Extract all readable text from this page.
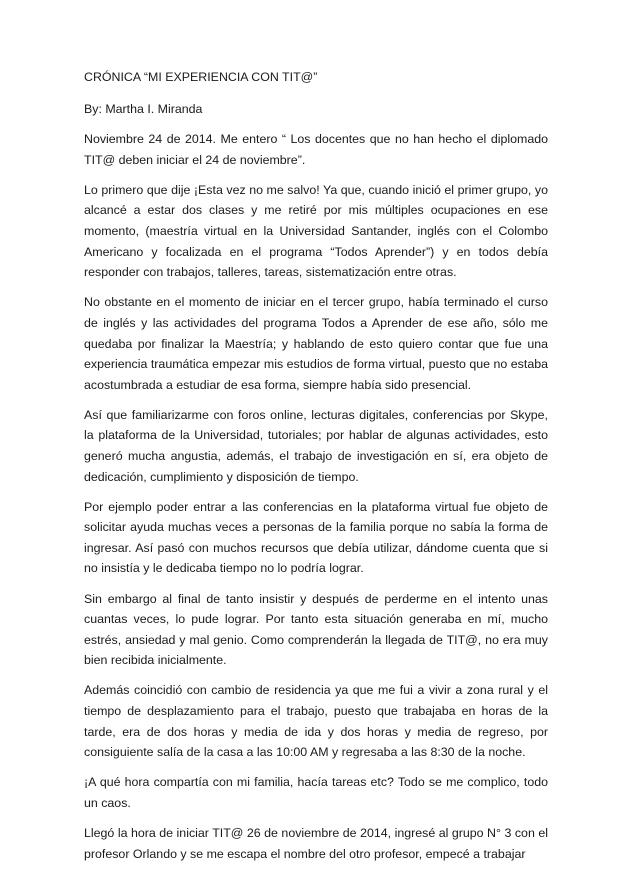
CRÓNICA “MI EXPERIENCIA CON TIT@”

By: Martha I. Miranda

Noviembre 24 de 2014. Me entero “ Los docentes que no han hecho el diplomado TIT@ deben iniciar el 24 de noviembre”.

Lo primero que dije ¡Esta vez no me salvo! Ya que, cuando inició el primer grupo, yo alcancé a estar dos clases y me retiré por mis múltiples ocupaciones en ese momento, (maestría virtual en la Universidad Santander, inglés con el Colombo Americano y focalizada en el programa “Todos Aprender”) y en todos debía responder con trabajos, talleres, tareas, sistematización entre otras.

No obstante en el momento de iniciar en el tercer grupo, había terminado el curso de inglés y las actividades del programa Todos a Aprender de ese año, sólo me quedaba por finalizar la Maestría; y hablando de esto quiero contar que fue una experiencia traumática empezar mis estudios de forma virtual, puesto que no estaba acostumbrada a estudiar de esa forma, siempre había sido presencial.

Así que familiarizarme con foros online, lecturas digitales, conferencias por Skype, la plataforma de la Universidad, tutoriales; por hablar de algunas actividades, esto generó mucha angustia, además, el trabajo de investigación en sí, era objeto de dedicación, cumplimiento y disposición de tiempo.

Por ejemplo poder entrar a las conferencias en la plataforma virtual fue objeto de solicitar ayuda muchas veces a personas de la familia porque no sabía la forma de ingresar. Así pasó con muchos recursos que debía utilizar, dándome cuenta que si no insistía y le dedicaba tiempo no lo podría lograr.

Sin embargo al final de tanto insistir y después de perderme en el intento unas cuantas veces, lo pude lograr. Por tanto esta situación generaba en mí, mucho estrés, ansiedad y mal genio. Como comprenderán la llegada de TIT@, no era muy bien recibida inicialmente.

Además coincidió con cambio de residencia ya que me fui a vivir a zona rural y el tiempo de desplazamiento para el trabajo, puesto que trabajaba en horas de la tarde, era de dos horas y media de ida y dos horas y media de regreso, por consiguiente salía de la casa a las 10:00 AM y regresaba a las 8:30 de la noche.

¡A qué hora compartía con mi familia, hacía tareas etc? Todo se me complico, todo un caos.

Llegó la hora de iniciar TIT@ 26 de noviembre de 2014, ingresé al grupo N° 3 con el profesor Orlando y se me escapa el nombre del otro profesor, empecé a trabajar
